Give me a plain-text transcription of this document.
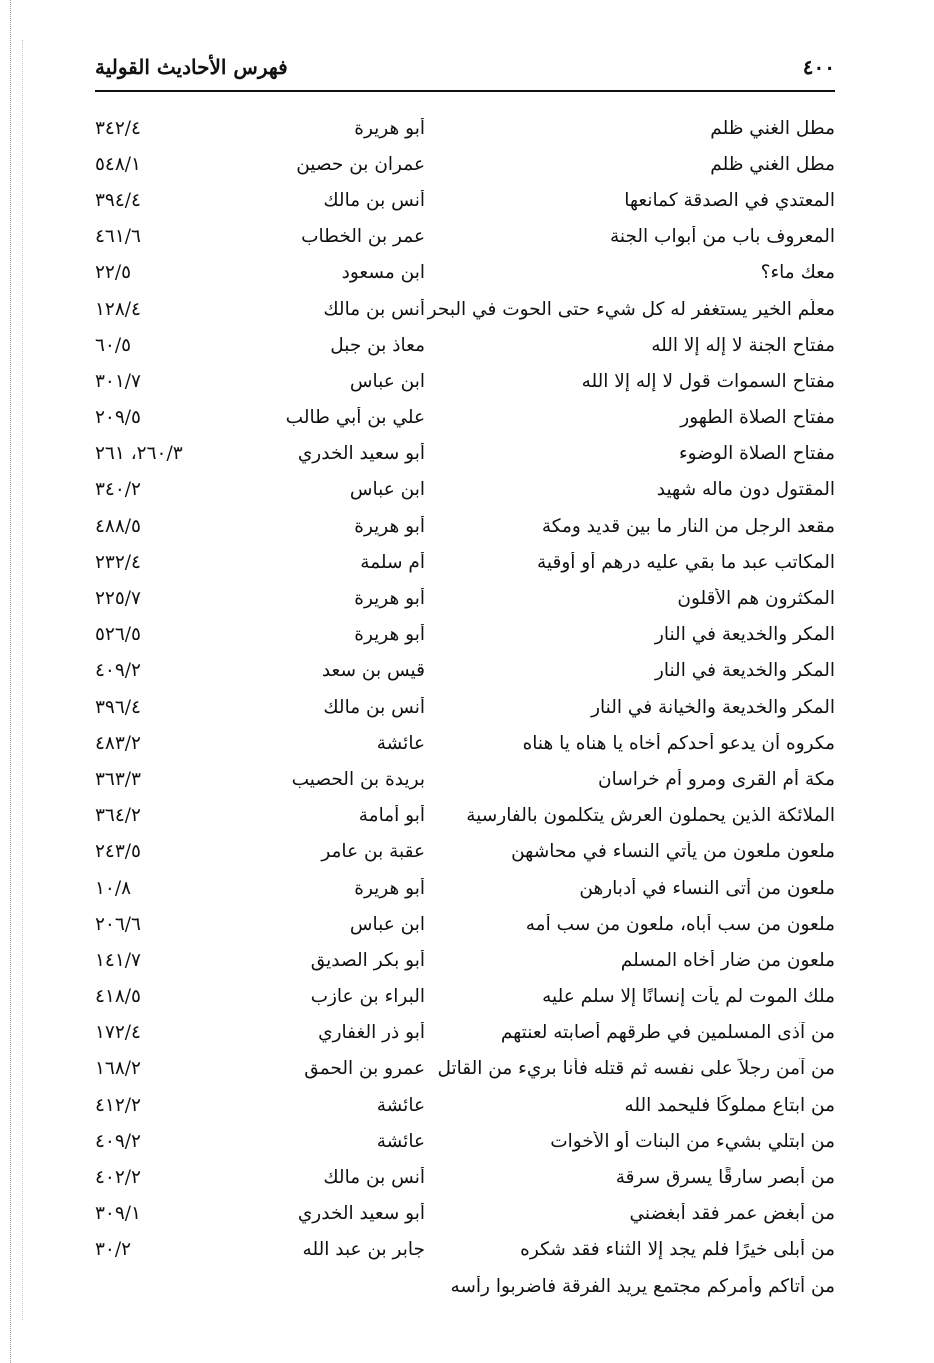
٤٠٠
فهرس الأحاديث القولية
مطل الغني ظلم
أبو هريرة
٣٤٢/٤
مطل الغني ظلم
عمران بن حصين
٥٤٨/١
المعتدي في الصدقة كمانعها
أنس بن مالك
٣٩٤/٤
المعروف باب من أبواب الجنة
عمر بن الخطاب
٤٦١/٦
معك ماء؟
ابن مسعود
٢٢/٥
معلّم الخير يستغفر له كل شيء حتى الحوت في البحر
أنس بن مالك
١٢٨/٤
مفتاح الجنة لا إله إلا الله
معاذ بن جبل
٦٠/٥
مفتاح السموات قول لا إله إلا الله
ابن عباس
٣٠١/٧
مفتاح الصلاة الطهور
علي بن أبي طالب
٢٠٩/٥
مفتاح الصلاة الوضوء
أبو سعيد الخدري
٢٦٠/٣، ٢٦١
المقتول دون ماله شهيد
ابن عباس
٣٤٠/٢
مقعد الرجل من النار ما بين قديد ومكة
أبو هريرة
٤٨٨/٥
المكاتب عبد ما بقي عليه درهم أو أوقية
أم سلمة
٢٣٢/٤
المكثرون هم الأقلون
أبو هريرة
٢٢٥/٧
المكر والخديعة في النار
أبو هريرة
٥٢٦/٥
المكر والخديعة في النار
قيس بن سعد
٤٠٩/٢
المكر والخديعة والخيانة في النار
أنس بن مالك
٣٩٦/٤
مكروه أن يدعو أحدكم أخاه يا هناه يا هناه
عائشة
٤٨٣/٢
مكة أم القرى ومرو أم خراسان
بريدة بن الحصيب
٣٦٣/٣
الملائكة الذين يحملون العرش يتكلمون بالفارسية
أبو أمامة
٣٦٤/٢
ملعون ملعون من يأتي النساء في محاشهن
عقبة بن عامر
٢٤٣/٥
ملعون من أتى النساء في أدبارهن
أبو هريرة
١٠/٨
ملعون من سب أباه، ملعون من سب أمه
ابن عباس
٢٠٦/٦
ملعون من ضار أخاه المسلم
أبو بكر الصديق
١٤١/٧
ملك الموت لم يأت إنسانًا إلا سلم عليه
البراء بن عازب
٤١٨/٥
من آذى المسلمين في طرقهم أصابته لعنتهم
أبو ذر الغفاري
١٧٢/٤
من آمن رجلاً على نفسه ثم قتله فأنا بريء من القاتل
عمرو بن الحمق
١٦٨/٢
من ابتاع مملوكًا فليحمد الله
عائشة
٤١٢/٢
من ابتلي بشيء من البنات أو الأخوات
عائشة
٤٠٩/٢
من أبصر سارقًا يسرق سرقة
أنس بن مالك
٤٠٢/٢
من أبغض عمر فقد أبغضني
أبو سعيد الخدري
٣٠٩/١
من أبلى خيرًا فلم يجد إلا الثناء فقد شكره
جابر بن عبد الله
٣٠/٢
من أتاكم وأمركم مجتمع يريد الفرقة فاضربوا رأسه
